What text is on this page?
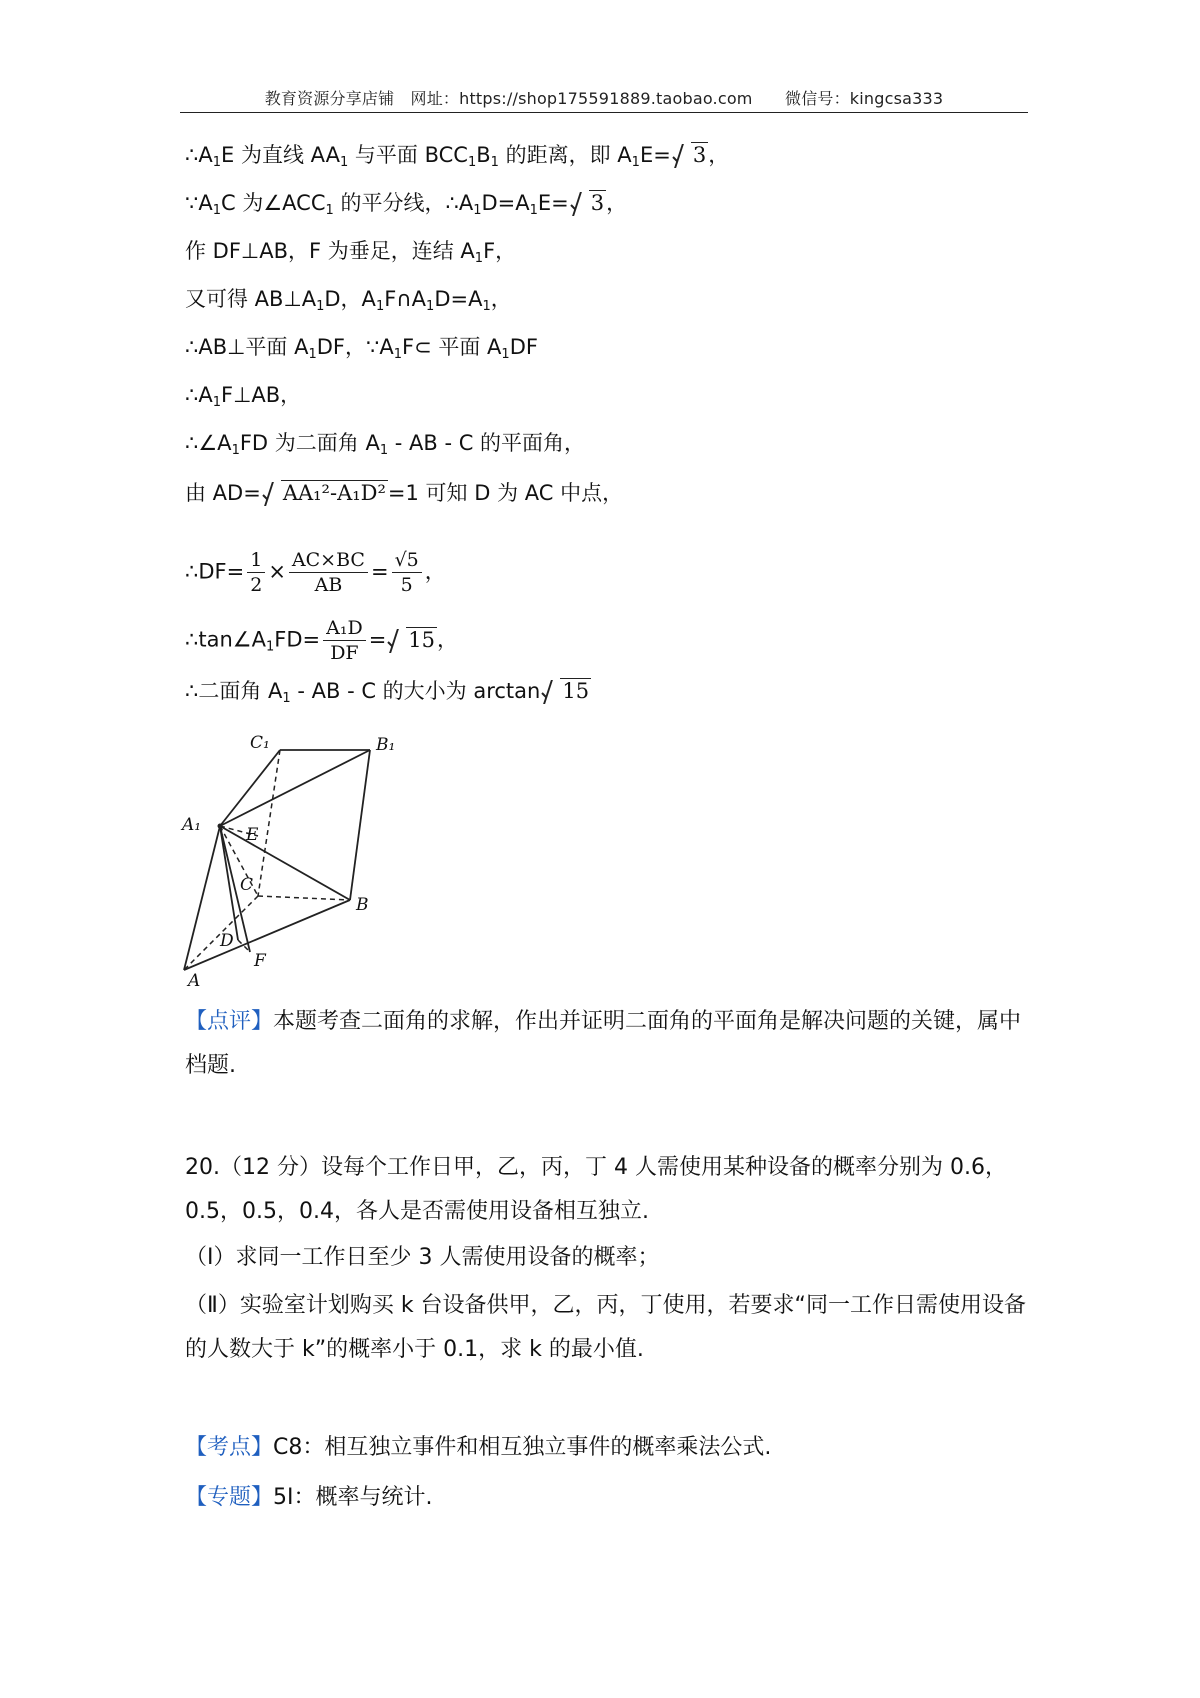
教育资源分享店铺　网址：https://shop175591889.taobao.com　　微信号：kingcsa333
$\therefore A_1E$ 为直线 $AA_1$ 与平面 $BCC_1B_1$ 的距离，即 $A_1E= 3$，
$\because A_1C$ 为$\angle ACC_1$ 的平分线，$\therefore A_1D=A_1E= 3$，
作 DF⊥AB，F 为垂足，连结 $A_1F$，
又可得 $AB\perp A_1D$，$A_1F\cap A_1D=A_1$，
∴AB⊥平面 $A_1DF$，$\because A_1F\subset$ 平面 $A_1DF$
$\therefore A_1F\perp AB$，
$\therefore\angle A_1FD$ 为二面角 $A_1$ - AB - C 的平面角，
由 AD= AA₁²-A₁D²=1 可知 D 为 AC 中点，
∴DF= $\frac{1}{2} \times \frac{AC\times BC}{AB} = \frac{√5}{5}$ ，
$\therefore\tan\angle A_1FD= \frac{\text{A₁D}}{DF} = 15$，
∴二面角 $A_1$ - AB - C 的大小为 arctan 15
C₁	B₁
A₁	E
C
B
D
F
A
【点评】本题考查二面角的求解，作出并证明二面角的平面角是解决问题的关键，属中档题.
20.（12 分）设每个工作日甲，乙，丙，丁 4 人需使用某种设备的概率分别为 0.6，0.5，0.5，0.4，各人是否需使用设备相互独立.
（Ⅰ）求同一工作日至少 3 人需使用设备的概率；
（Ⅱ）实验室计划购买 k 台设备供甲，乙，丙，丁使用，若要求“同一工作日需使用设备的人数大于 k”的概率小于 0.1，求 k 的最小值.
【考点】C8：相互独立事件和相互独立事件的概率乘法公式.
【专题】5I：概率与统计.
